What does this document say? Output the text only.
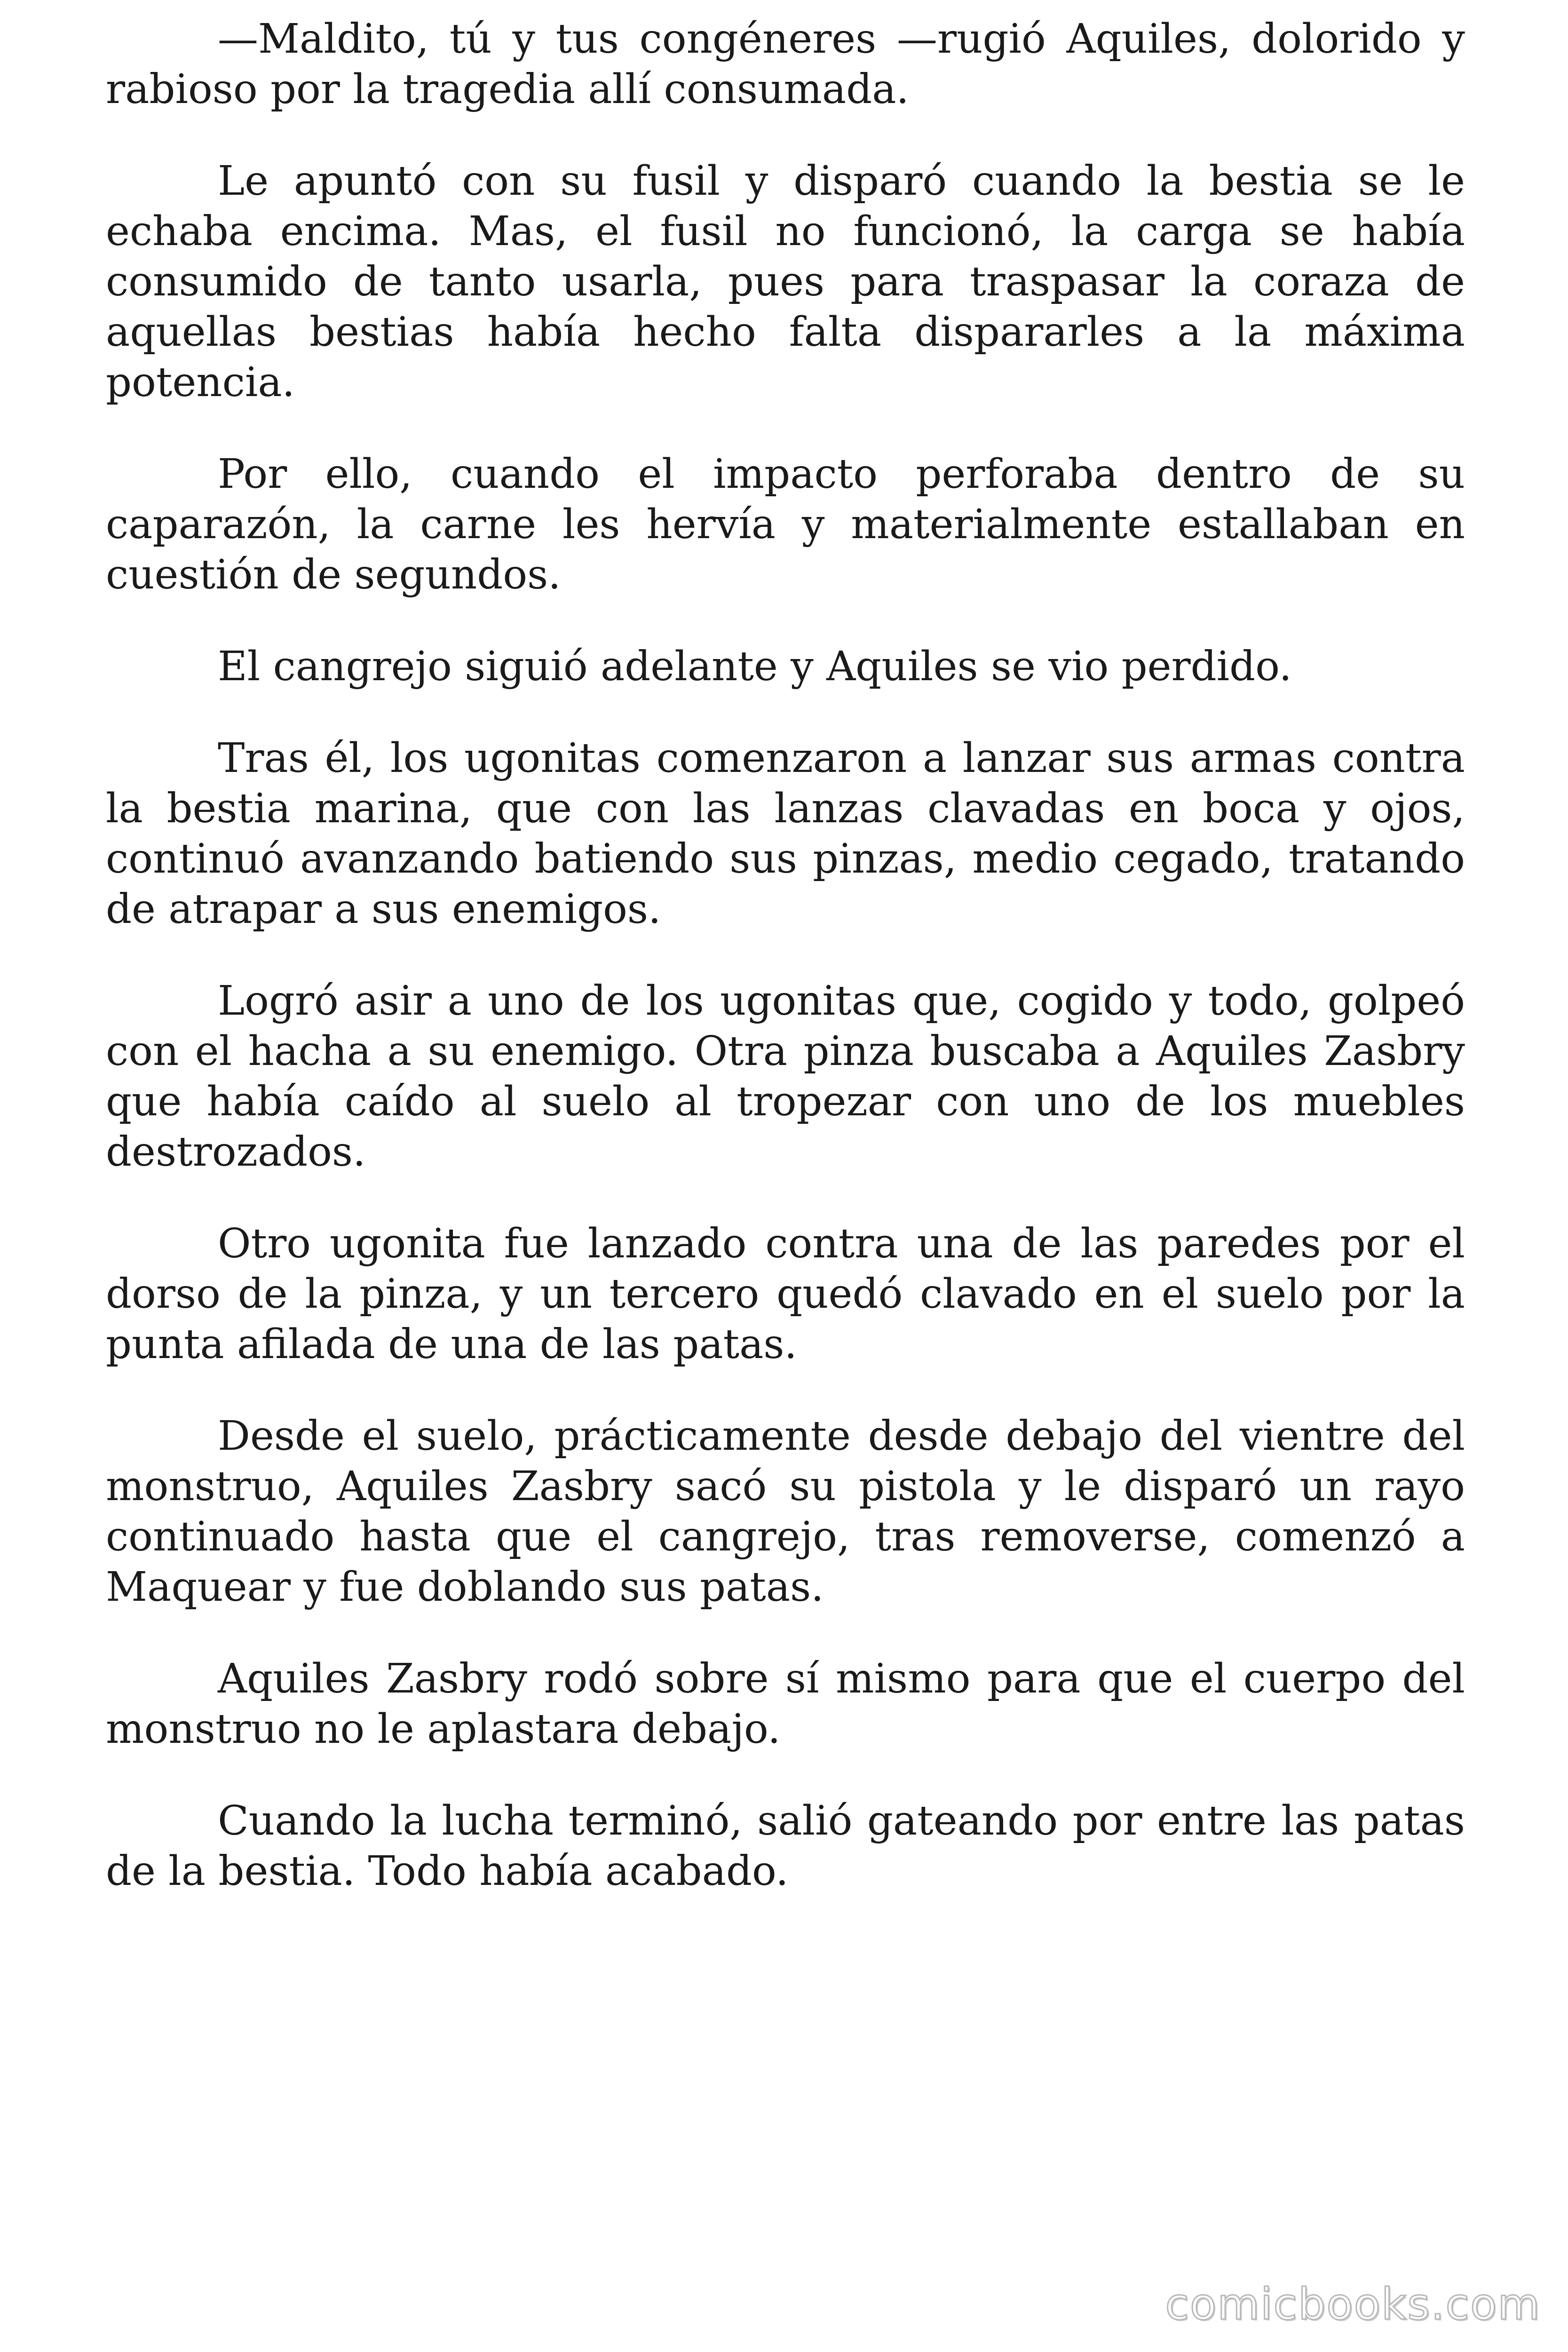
—Maldito, tú y tus congéneres —rugió Aquiles, dolorido y rabioso por la tragedia allí consumada.

Le apuntó con su fusil y disparó cuando la bestia se le echaba encima. Mas, el fusil no funcionó, la carga se había consumido de tanto usarla, pues para traspasar la coraza de aquellas bestias había hecho falta dispararles a la máxima potencia.

Por ello, cuando el impacto perforaba dentro de su caparazón, la carne les hervía y materialmente estallaban en cuestión de segundos.

El cangrejo siguió adelante y Aquiles se vio perdido.

Tras él, los ugonitas comenzaron a lanzar sus armas contra la bestia marina, que con las lanzas clavadas en boca y ojos, continuó avanzando batiendo sus pinzas, medio cegado, tratando de atrapar a sus enemigos.

Logró asir a uno de los ugonitas que, cogido y todo, golpeó con el hacha a su enemigo. Otra pinza buscaba a Aquiles Zasbry que había caído al suelo al tropezar con uno de los muebles destrozados.

Otro ugonita fue lanzado contra una de las paredes por el dorso de la pinza, y un tercero quedó clavado en el suelo por la punta afilada de una de las patas.

Desde el suelo, prácticamente desde debajo del vientre del monstruo, Aquiles Zasbry sacó su pistola y le disparó un rayo continuado hasta que el cangrejo, tras removerse, comenzó a Maquear y fue doblando sus patas.

Aquiles Zasbry rodó sobre sí mismo para que el cuerpo del monstruo no le aplastara debajo.

Cuando la lucha terminó, salió gateando por entre las patas de la bestia. Todo había acabado.

comicbooks.com
